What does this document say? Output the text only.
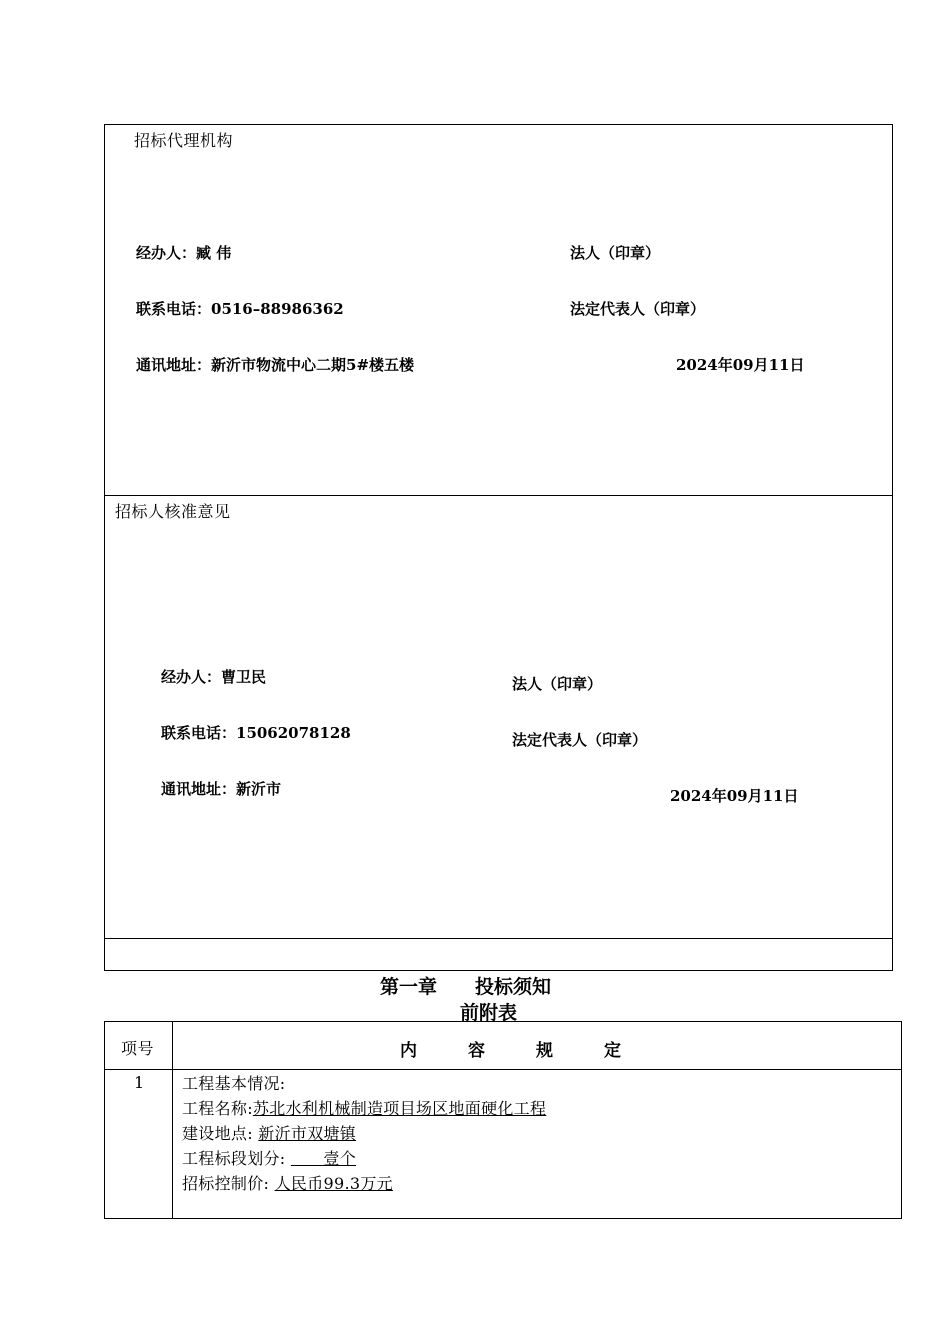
招标代理机构
经办人：臧 伟	法人（印章）
联系电话：0516–88986362	法定代表人（印章）
通讯地址：新沂市物流中心二期5#楼五楼	2024年09月11日
招标人核准意见
经办人：曹卫民	法人（印章）
联系电话：15062078128	法定代表人（印章）
通讯地址：新沂市	2024年09月11日
第一章　　投标须知
前附表
项号	内　　　容　　　规　　　定
1 工程基本情况:
工程名称:苏北水利机械制造项目场区地面硬化工程
建设地点: 新沂市双塘镇
工程标段划分: 　　壹个
招标控制价: 人民币99.3万元
